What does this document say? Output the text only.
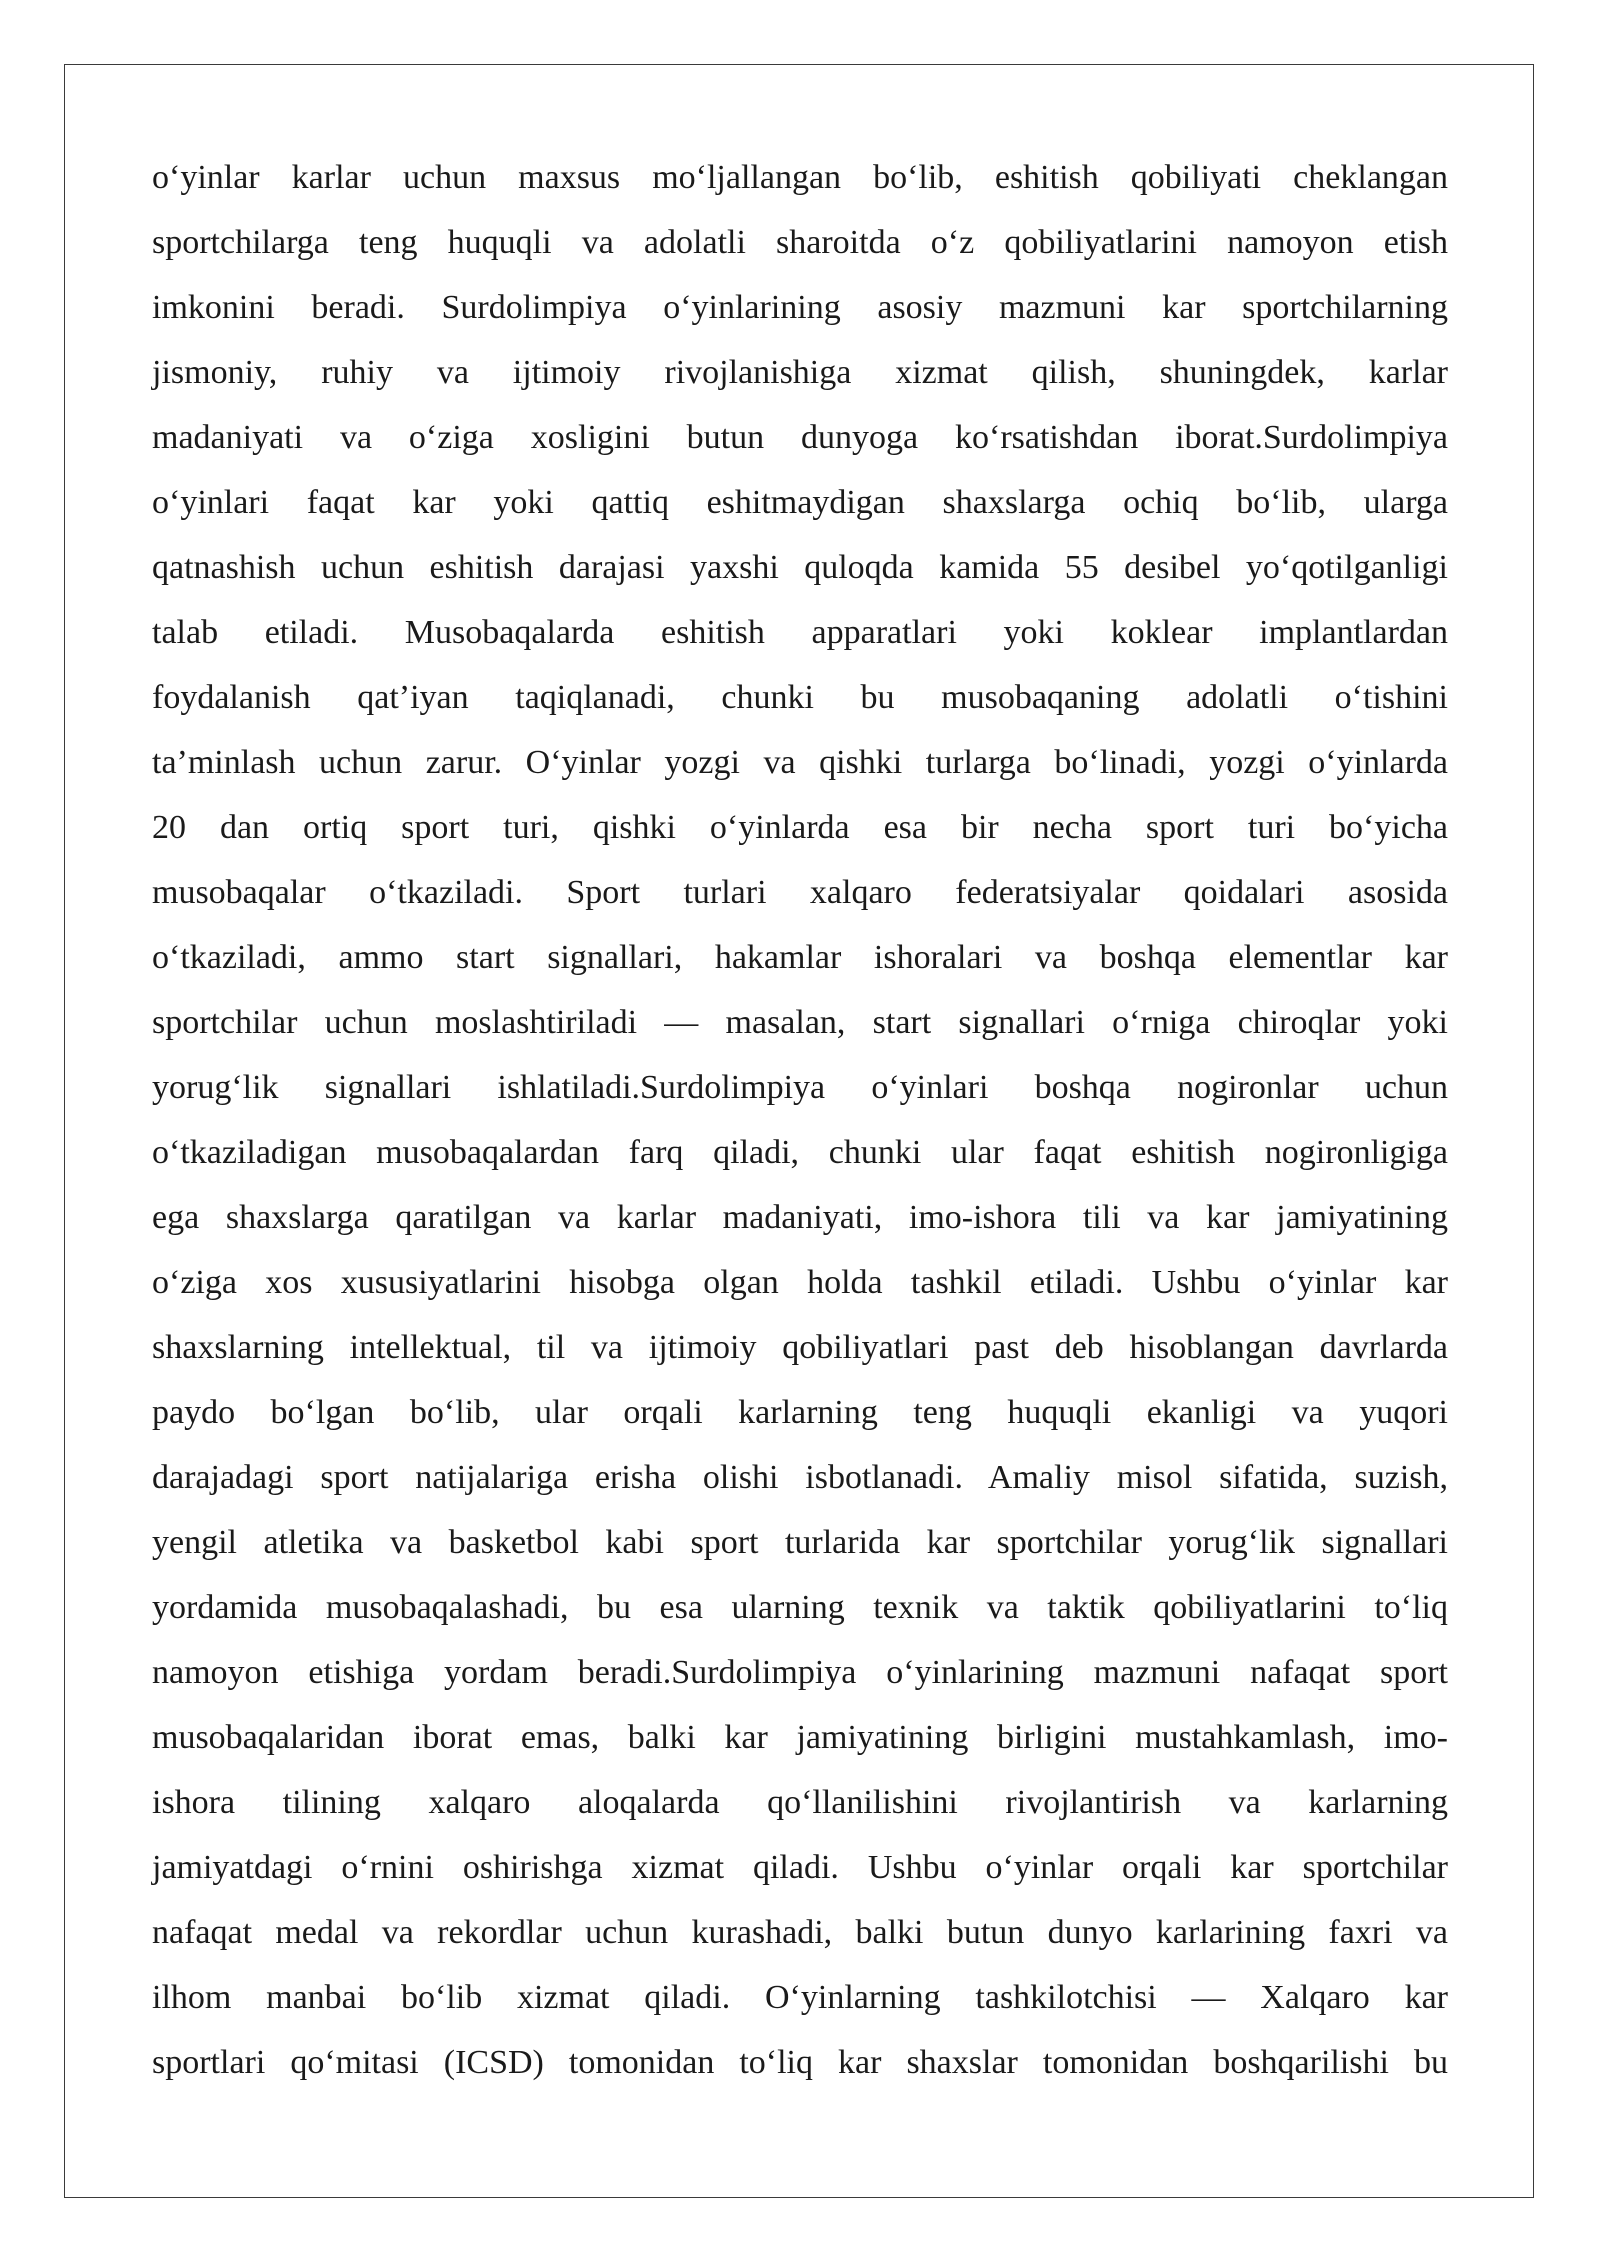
o‘yinlar karlar uchun maxsus mo‘ljallangan bo‘lib, eshitish qobiliyati cheklangan
sportchilarga teng huquqli va adolatli sharoitda o‘z qobiliyatlarini namoyon etish
imkonini beradi. Surdolimpiya o‘yinlarining asosiy mazmuni kar sportchilarning
jismoniy, ruhiy va ijtimoiy rivojlanishiga xizmat qilish, shuningdek, karlar
madaniyati va o‘ziga xosligini butun dunyoga ko‘rsatishdan iborat.Surdolimpiya
o‘yinlari faqat kar yoki qattiq eshitmaydigan shaxslarga ochiq bo‘lib, ularga
qatnashish uchun eshitish darajasi yaxshi quloqda kamida 55 desibel yo‘qotilganligi
talab etiladi. Musobaqalarda eshitish apparatlari yoki koklear implantlardan
foydalanish qat’iyan taqiqlanadi, chunki bu musobaqaning adolatli o‘tishini
ta’minlash uchun zarur. O‘yinlar yozgi va qishki turlarga bo‘linadi, yozgi o‘yinlarda
20 dan ortiq sport turi, qishki o‘yinlarda esa bir necha sport turi bo‘yicha
musobaqalar o‘tkaziladi. Sport turlari xalqaro federatsiyalar qoidalari asosida
o‘tkaziladi, ammo start signallari, hakamlar ishoralari va boshqa elementlar kar
sportchilar uchun moslashtiriladi — masalan, start signallari o‘rniga chiroqlar yoki
yorug‘lik signallari ishlatiladi.Surdolimpiya o‘yinlari boshqa nogironlar uchun
o‘tkaziladigan musobaqalardan farq qiladi, chunki ular faqat eshitish nogironligiga
ega shaxslarga qaratilgan va karlar madaniyati, imo-ishora tili va kar jamiyatining
o‘ziga xos xususiyatlarini hisobga olgan holda tashkil etiladi. Ushbu o‘yinlar kar
shaxslarning intellektual, til va ijtimoiy qobiliyatlari past deb hisoblangan davrlarda
paydo bo‘lgan bo‘lib, ular orqali karlarning teng huquqli ekanligi va yuqori
darajadagi sport natijalariga erisha olishi isbotlanadi. Amaliy misol sifatida, suzish,
yengil atletika va basketbol kabi sport turlarida kar sportchilar yorug‘lik signallari
yordamida musobaqalashadi, bu esa ularning texnik va taktik qobiliyatlarini to‘liq
namoyon etishiga yordam beradi.Surdolimpiya o‘yinlarining mazmuni nafaqat sport
musobaqalaridan iborat emas, balki kar jamiyatining birligini mustahkamlash, imo-
ishora tilining xalqaro aloqalarda qo‘llanilishini rivojlantirish va karlarning
jamiyatdagi o‘rnini oshirishga xizmat qiladi. Ushbu o‘yinlar orqali kar sportchilar
nafaqat medal va rekordlar uchun kurashadi, balki butun dunyo karlarining faxri va
ilhom manbai bo‘lib xizmat qiladi. O‘yinlarning tashkilotchisi — Xalqaro kar
sportlari qo‘mitasi (ICSD) tomonidan to‘liq kar shaxslar tomonidan boshqarilishi bu
